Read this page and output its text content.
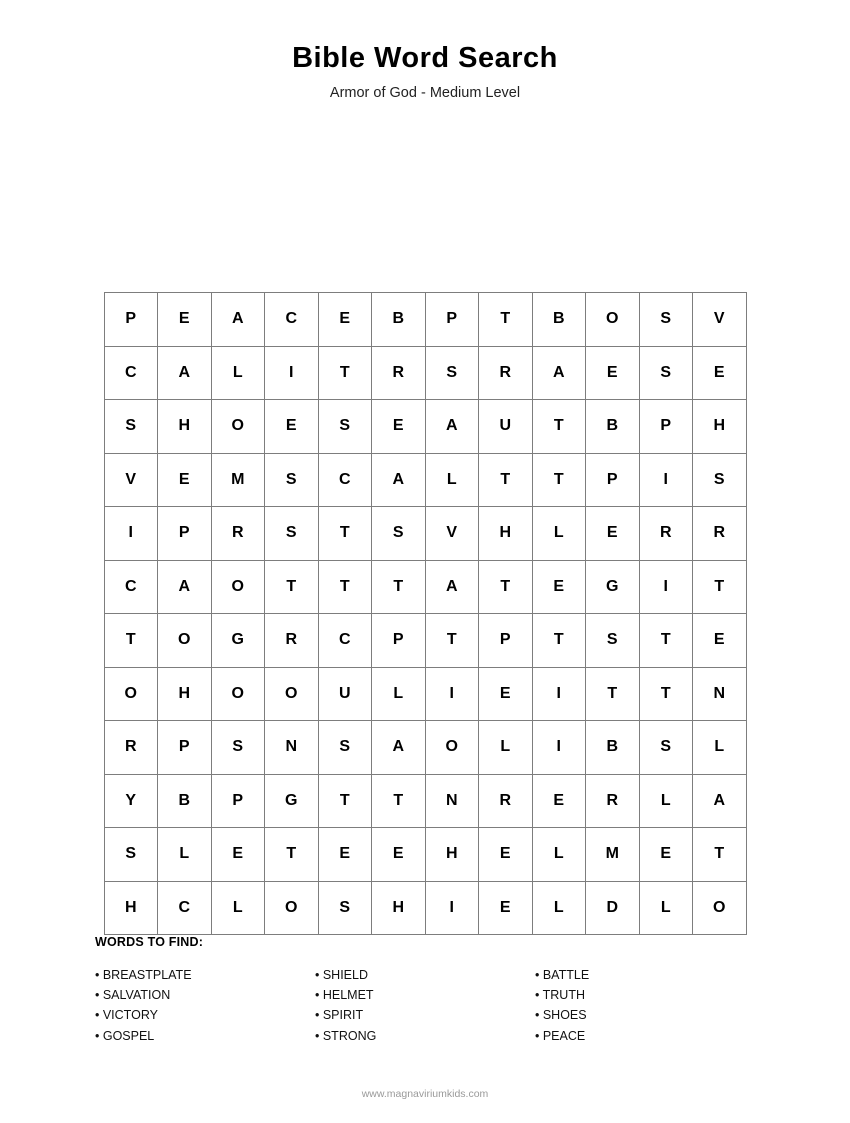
Bible Word Search
Armor of God - Medium Level
P	E	A	C	E	B	P	T	B	O	S	V
C	A	L	I	T	R	S	R	A	E	S	E
S	H	O	E	S	E	A	U	T	B	P	H
V	E	M	S	C	A	L	T	T	P	I	S
I	P	R	S	T	S	V	H	L	E	R	R
C	A	O	T	T	T	A	T	E	G	I	T
T	O	G	R	C	P	T	P	T	S	T	E
O	H	O	O	U	L	I	E	I	T	T	N
R	P	S	N	S	A	O	L	I	B	S	L
Y	B	P	G	T	T	N	R	E	R	L	A
S	L	E	T	E	E	H	E	L	M	E	T
H	C	L	O	S	H	I	E	L	D	L	O
WORDS TO FIND:
• BREASTPLATE
• SALVATION
• VICTORY
• GOSPEL
• SHIELD
• HELMET
• SPIRIT
• STRONG
• BATTLE
• TRUTH
• SHOES
• PEACE
www.magnaviriumkids.com
